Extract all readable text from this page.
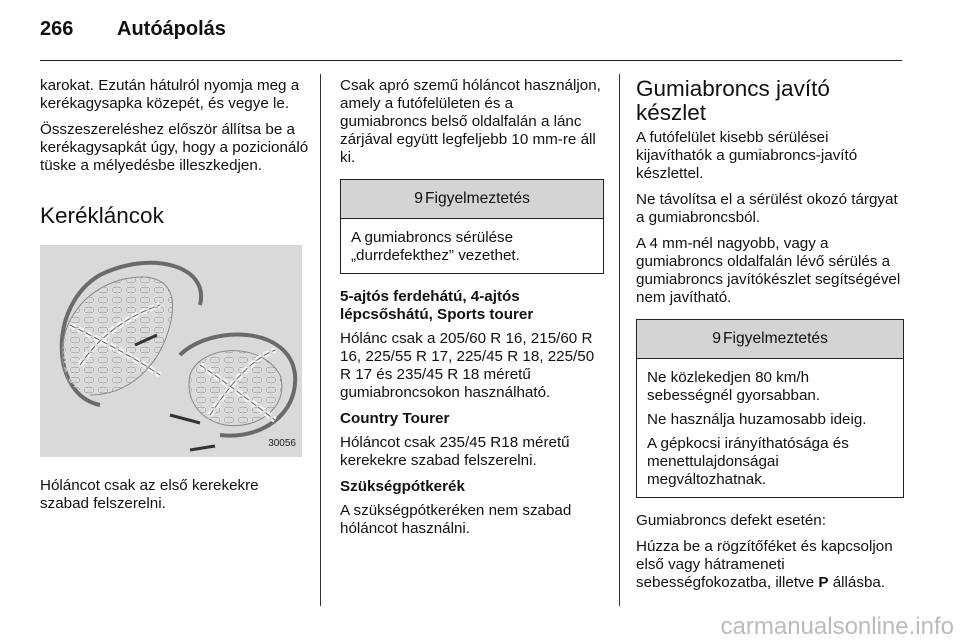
266 Autóápolás

karokat. Ezután hátulról nyomja meg a kerékagysapka közepét, és vegye le.

Összeszereléshez először állítsa be a kerékagysapkát úgy, hogy a pozicionáló tüske a mélyedésbe illeszkedjen.

Kerékláncok
30056

Hóláncot csak az első kerekekre szabad felszerelni.

Csak apró szemű hóláncot használjon, amely a futófelületen és a gumiabroncs belső oldalfalán a lánc zárjával együtt legfeljebb 10 mm-re áll ki.

9 Figyelmeztetés

A gumiabroncs sérülése „durrdefekthez” vezethet.

5-ajtós ferdehátú, 4-ajtós lépcsőshátú, Sports tourer

Hólánc csak a 205/60 R 16, 215/60 R 16, 225/55 R 17, 225/45 R 18, 225/50 R 17 és 235/45 R 18 méretű gumiabroncsokon használható.

Country Tourer

Hóláncot csak 235/45 R18 méretű kerekekre szabad felszerelni.

Szükségpótkerék

A szükségpótkeréken nem szabad hóláncot használni.

Gumiabroncs javító készlet

A futófelület kisebb sérülései kijavíthatók a gumiabroncs-javító készlettel.

Ne távolítsa el a sérülést okozó tárgyat a gumiabroncsból.

A 4 mm-nél nagyobb, vagy a gumiabroncs oldalfalán lévő sérülés a gumiabroncs javítókészlet segítségével nem javítható.

9 Figyelmeztetés

Ne közlekedjen 80 km/h sebességnél gyorsabban.

Ne használja huzamosabb ideig.

A gépkocsi irányíthatósága és menettulajdonságai megváltozhatnak.

Gumiabroncs defekt esetén:

Húzza be a rögzítőféket és kapcsoljon első vagy hátrameneti sebességfokozatba, illetve P állásba.

carmanualsonline.info
